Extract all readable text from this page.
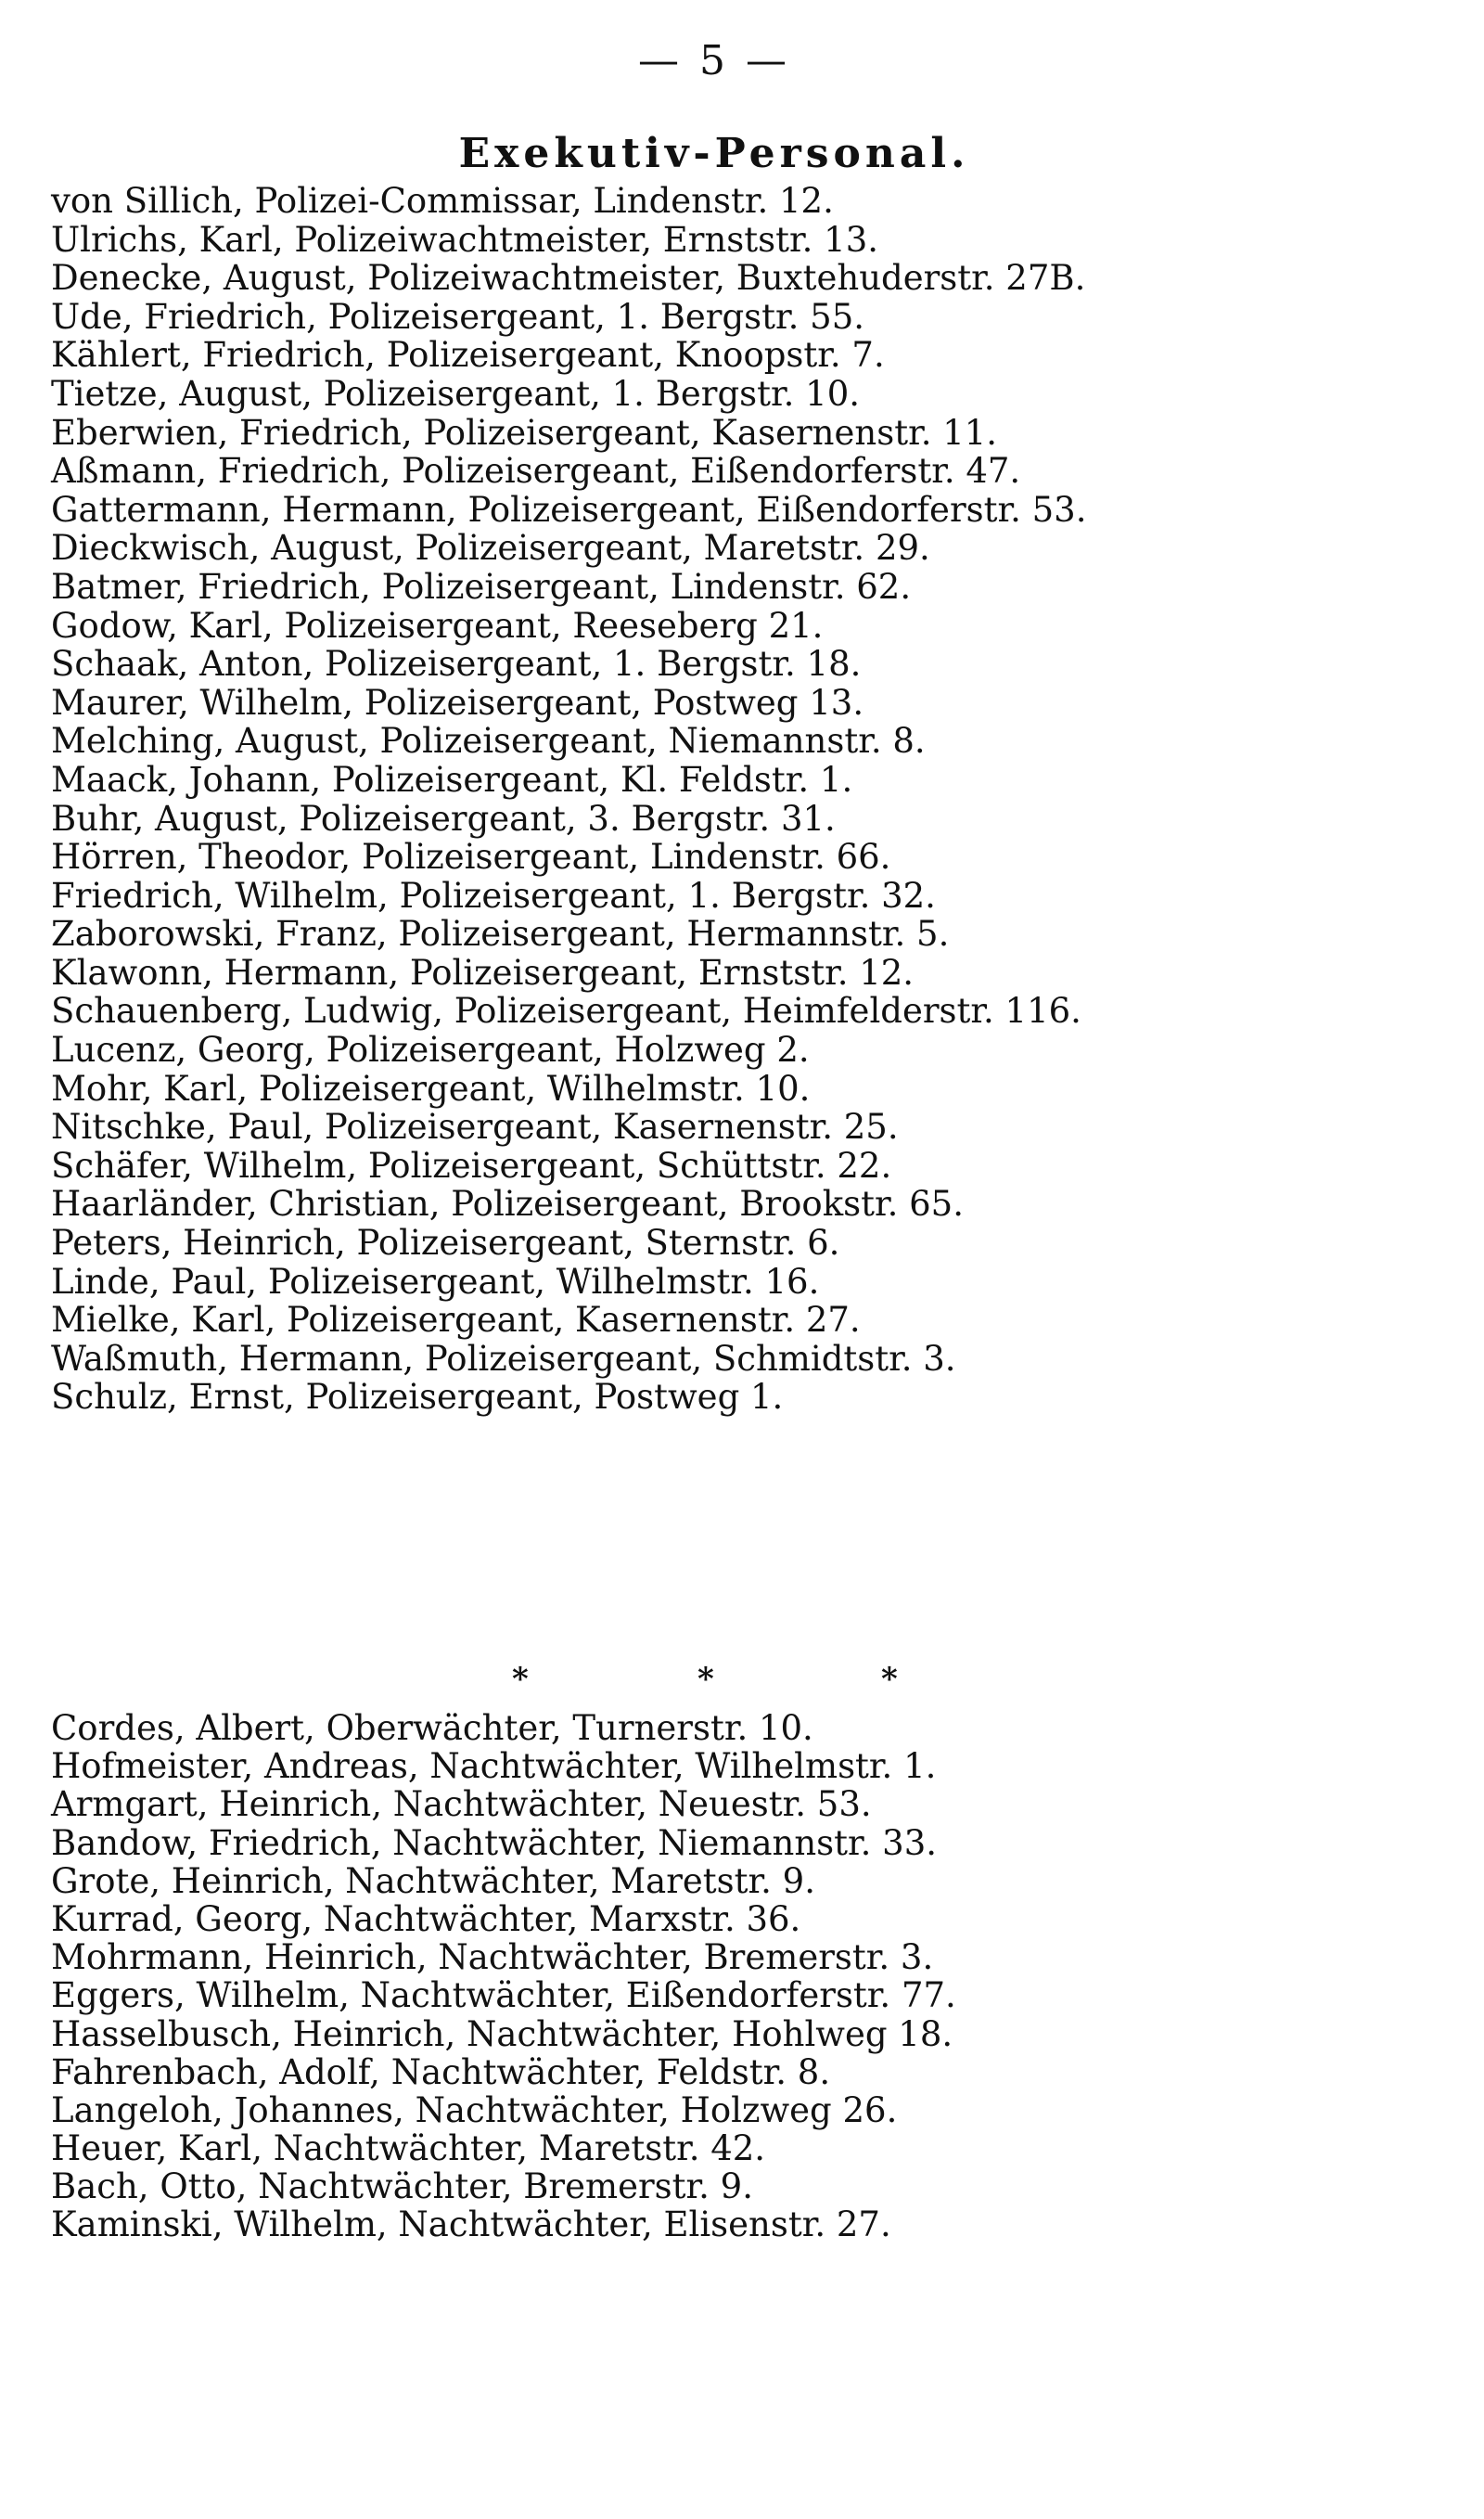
— 5 —
Exekutiv-Personal.
von Sillich, Polizei-Commissar, Lindenstr. 12.
Ulrichs, Karl, Polizeiwachtmeister, Ernststr. 13.
Denecke, August, Polizeiwachtmeister, Buxtehuderstr. 27B.
Ude, Friedrich, Polizeisergeant, 1. Bergstr. 55.
Kählert, Friedrich, Polizeisergeant, Knoopstr. 7.
Tietze, August, Polizeisergeant, 1. Bergstr. 10.
Eberwien, Friedrich, Polizeisergeant, Kasernenstr. 11.
Aßmann, Friedrich, Polizeisergeant, Eißendorferstr. 47.
Gattermann, Hermann, Polizeisergeant, Eißendorferstr. 53.
Dieckwisch, August, Polizeisergeant, Maretstr. 29.
Batmer, Friedrich, Polizeisergeant, Lindenstr. 62.
Godow, Karl, Polizeisergeant, Reeseberg 21.
Schaak, Anton, Polizeisergeant, 1. Bergstr. 18.
Maurer, Wilhelm, Polizeisergeant, Postweg 13.
Melching, August, Polizeisergeant, Niemannstr. 8.
Maack, Johann, Polizeisergeant, Kl. Feldstr. 1.
Buhr, August, Polizeisergeant, 3. Bergstr. 31.
Hörren, Theodor, Polizeisergeant, Lindenstr. 66.
Friedrich, Wilhelm, Polizeisergeant, 1. Bergstr. 32.
Zaborowski, Franz, Polizeisergeant, Hermannstr. 5.
Klawonn, Hermann, Polizeisergeant, Ernststr. 12.
Schauenberg, Ludwig, Polizeisergeant, Heimfelderstr. 116.
Lucenz, Georg, Polizeisergeant, Holzweg 2.
Mohr, Karl, Polizeisergeant, Wilhelmstr. 10.
Nitschke, Paul, Polizeisergeant, Kasernenstr. 25.
Schäfer, Wilhelm, Polizeisergeant, Schüttstr. 22.
Haarländer, Christian, Polizeisergeant, Brookstr. 65.
Peters, Heinrich, Polizeisergeant, Sternstr. 6.
Linde, Paul, Polizeisergeant, Wilhelmstr. 16.
Mielke, Karl, Polizeisergeant, Kasernenstr. 27.
Waßmuth, Hermann, Polizeisergeant, Schmidtstr. 3.
Schulz, Ernst, Polizeisergeant, Postweg 1.
*	*	*
Cordes, Albert, Oberwächter, Turnerstr. 10.
Hofmeister, Andreas, Nachtwächter, Wilhelmstr. 1.
Armgart, Heinrich, Nachtwächter, Neuestr. 53.
Bandow, Friedrich, Nachtwächter, Niemannstr. 33.
Grote, Heinrich, Nachtwächter, Maretstr. 9.
Kurrad, Georg, Nachtwächter, Marxstr. 36.
Mohrmann, Heinrich, Nachtwächter, Bremerstr. 3.
Eggers, Wilhelm, Nachtwächter, Eißendorferstr. 77.
Hasselbusch, Heinrich, Nachtwächter, Hohlweg 18.
Fahrenbach, Adolf, Nachtwächter, Feldstr. 8.
Langeloh, Johannes, Nachtwächter, Holzweg 26.
Heuer, Karl, Nachtwächter, Maretstr. 42.
Bach, Otto, Nachtwächter, Bremerstr. 9.
Kaminski, Wilhelm, Nachtwächter, Elisenstr. 27.
